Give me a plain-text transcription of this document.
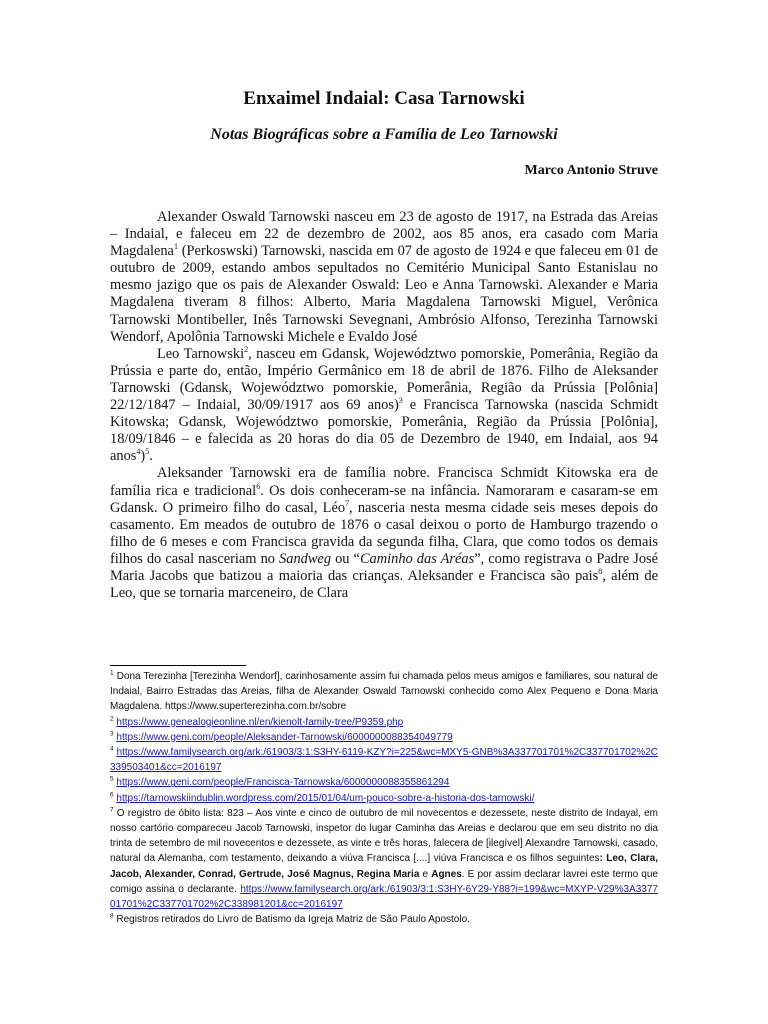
Enxaimel Indaial: Casa Tarnowski
Notas Biográficas sobre a Família de Leo Tarnowski
Marco Antonio Struve

Alexander Oswald Tarnowski nasceu em 23 de agosto de 1917, na Estrada das Areias – Indaial, e faleceu em 22 de dezembro de 2002, aos 85 anos, era casado com Maria Magdalena$^1$ (Perkoswski) Tarnowski, nascida em 07 de agosto de 1924 e que faleceu em 01 de outubro de 2009, estando ambos sepultados no Cemitério Municipal Santo Estanislau no mesmo jazigo que os pais de Alexander Oswald: Leo e Anna Tarnowski. Alexander e Maria Magdalena tiveram 8 filhos: Alberto, Maria Magdalena Tarnowski Miguel, Verônica Tarnowski Montibeller, Inês Tarnowski Sevegnani, Ambrósio Alfonso, Terezinha Tarnowski Wendorf, Apolônia Tarnowski Michele e Evaldo José

Leo Tarnowski$^2$, nasceu em Gdansk, Województwo pomorskie, Pomerânia, Região da Prússia e parte do, então, Império Germânico em 18 de abril de 1876. Filho de Aleksander Tarnowski (Gdansk, Województwo pomorskie, Pomerânia, Região da Prússia [Polônia] 22/12/1847 – Indaial, 30/09/1917 aos 69 anos)$^3$ e Francisca Tarnowska (nascida Schmidt Kitowska; Gdansk, Województwo pomorskie, Pomerânia, Região da Prússia [Polônia], 18/09/1846 – e falecida as 20 horas do dia 05 de Dezembro de 1940, em Indaial, aos 94 anos$^4$)$^5$.

Aleksander Tarnowski era de família nobre. Francisca Schmidt Kitowska era de família rica e tradicional$^6$. Os dois conheceram-se na infância. Namoraram e casaram-se em Gdansk. O primeiro filho do casal, Léo$^7$, nasceria nesta mesma cidade seis meses depois do casamento. Em meados de outubro de 1876 o casal deixou o porto de Hamburgo trazendo o filho de 6 meses e com Francisca gravida da segunda filha, Clara, que como todos os demais filhos do casal nasceriam no Sandweg ou “Caminho das Aréas”, como registrava o Padre José Maria Jacobs que batizou a maioria das crianças. Aleksander e Francisca são pais$^8$, além de Leo, que se tornaria marceneiro, de Clara

$^1$ Dona Terezinha [Terezinha Wendorf], carinhosamente assim fui chamada pelos meus amigos e familiares, sou natural de Indaial, Bairro Estradas das Areias, filha de Alexander Oswald Tarnowski conhecido como Alex Pequeno e Dona Maria Magdalena. https://www.superterezinha.com.br/sobre

$^2$ https://www.genealogieonline.nl/en/kienolt-family-tree/P9359.php

$^3$ https://www.geni.com/people/Aleksander-Tarnowski/6000000088354049779

$^4$ https://www.familysearch.org/ark:/61903/3:1:S3HY-6119-KZY?i=225&wc=MXY5-GNB%3A337701701%2C337701702%2C339503401&cc=2016197

$^5$ https://www.geni.com/people/Francisca-Tarnowska/6000000088355861294

$^6$ https://tarnowskiindublin.wordpress.com/2015/01/04/um-pouco-sobre-a-historia-dos-tarnowski/

$^7$ O registro de óbito lista: 823 – Aos vinte e cinco de outubro de mil novecentos e dezessete, neste distrito de Indayal, em nosso cartório compareceu Jacob Tarnowski, inspetor do lugar Caminha das Areias e declarou que em seu distrito no dia trinta de setembro de mil novecentos e dezessete, as vinte e três horas, falecera de [ilegível] Alexandre Tarnowski, casado, natural da Alemanha, com testamento, deixando a viúva Francisca [....] viúva Francisca e os filhos seguintes: Leo, Clara, Jacob, Alexander, Conrad, Gertrude, José Magnus, Regina Maria e Agnes. E por assim declarar lavrei este termo que comigo assina o declarante. https://www.familysearch.org/ark:/61903/3:1:S3HY-6Y29-Y88?i=199&wc=MXYP-V29%3A337701701%2C337701702%2C338981201&cc=2016197

$^8$ Registros retirados do Livro de Batismo da Igreja Matriz de São Paulo Apostolo.
